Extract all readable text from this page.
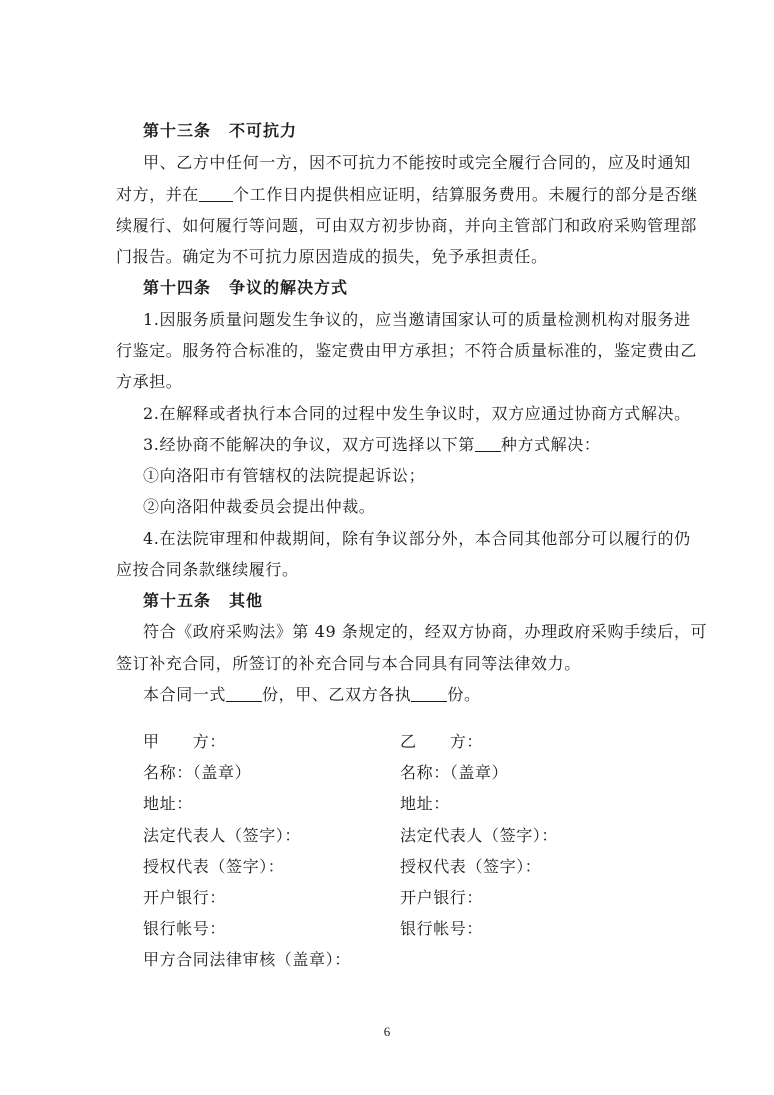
第十三条 不可抗力
甲、乙方中任何一方，因不可抗力不能按时或完全履行合同的，应及时通知
对方，并在 个工作日内提供相应证明，结算服务费用。未履行的部分是否继
续履行、如何履行等问题，可由双方初步协商，并向主管部门和政府采购管理部
门报告。确定为不可抗力原因造成的损失，免予承担责任。
第十四条 争议的解决方式
1.因服务质量问题发生争议的，应当邀请国家认可的质量检测机构对服务进
行鉴定。服务符合标准的，鉴定费由甲方承担；不符合质量标准的，鉴定费由乙
方承担。
2.在解释或者执行本合同的过程中发生争议时，双方应通过协商方式解决。
3.经协商不能解决的争议，双方可选择以下第 种方式解决：
①向洛阳市有管辖权的法院提起诉讼；
②向洛阳仲裁委员会提出仲裁。
4.在法院审理和仲裁期间，除有争议部分外，本合同其他部分可以履行的仍
应按合同条款继续履行。
第十五条 其他
符合《政府采购法》第 49 条规定的，经双方协商，办理政府采购手续后，可
签订补充合同，所签订的补充合同与本合同具有同等法律效力。
本合同一式 份，甲、乙双方各执 份。
甲　　方：	乙　　方：
名称：（盖章）	名称：（盖章）
地址：	地址：
法定代表人（签字）：	法定代表人（签字）：
授权代表（签字）：	授权代表（签字）：
开户银行：	开户银行：
银行帐号：	银行帐号：
甲方合同法律审核（盖章）：
6
